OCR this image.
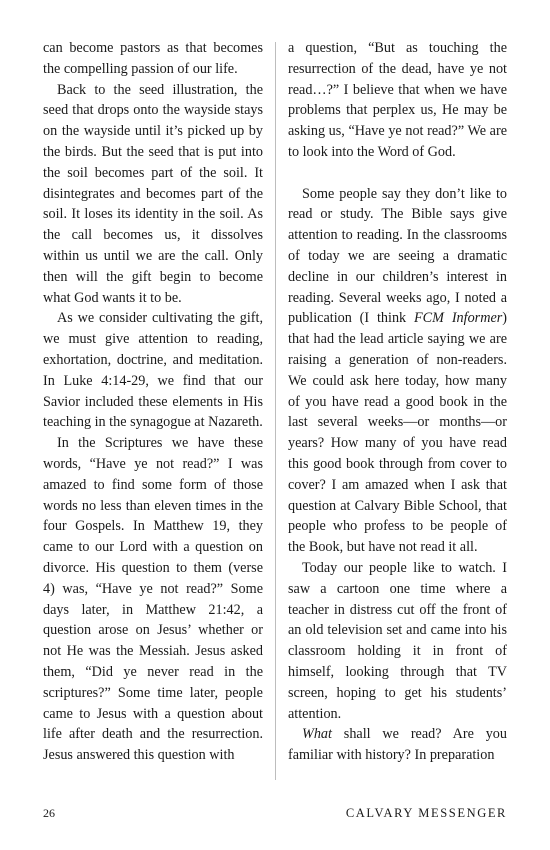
can become pastors as that becomes the compelling passion of our life.

Back to the seed illustration, the seed that drops onto the wayside stays on the wayside until it’s picked up by the birds. But the seed that is put into the soil becomes part of the soil. It disintegrates and becomes part of the soil. It loses its identity in the soil. As the call becomes us, it dissolves within us until we are the call. Only then will the gift begin to become what God wants it to be.

As we consider cultivating the gift, we must give attention to reading, exhortation, doctrine, and meditation. In Luke 4:14-29, we find that our Savior included these elements in His teaching in the synagogue at Nazareth.

In the Scriptures we have these words, “Have ye not read?” I was amazed to find some form of those words no less than eleven times in the four Gospels. In Matthew 19, they came to our Lord with a question on divorce. His question to them (verse 4) was, “Have ye not read?” Some days later, in Matthew 21:42, a question arose on Jesus’ whether or not He was the Messiah. Jesus asked them, “Did ye never read in the scriptures?” Some time later, people came to Jesus with a question about life after death and the resurrection. Jesus answered this question with

a question, “But as touching the resurrection of the dead, have ye not read…?” I believe that when we have problems that perplex us, He may be asking us, “Have ye not read?” We are to look into the Word of God.

Some people say they don’t like to read or study. The Bible says give attention to reading. In the classrooms of today we are seeing a dramatic decline in our children’s interest in reading. Several weeks ago, I noted a publication (I think FCM Informer) that had the lead article saying we are raising a generation of non-readers. We could ask here today, how many of you have read a good book in the last several weeks—or months—or years? How many of you have read this good book through from cover to cover? I am amazed when I ask that question at Calvary Bible School, that people who profess to be people of the Book, but have not read it all.

Today our people like to watch. I saw a cartoon one time where a teacher in distress cut off the front of an old television set and came into his classroom holding it in front of himself, looking through that TV screen, hoping to get his students’ attention.

What shall we read? Are you familiar with history? In preparation

26	CALVARY MESSENGER
